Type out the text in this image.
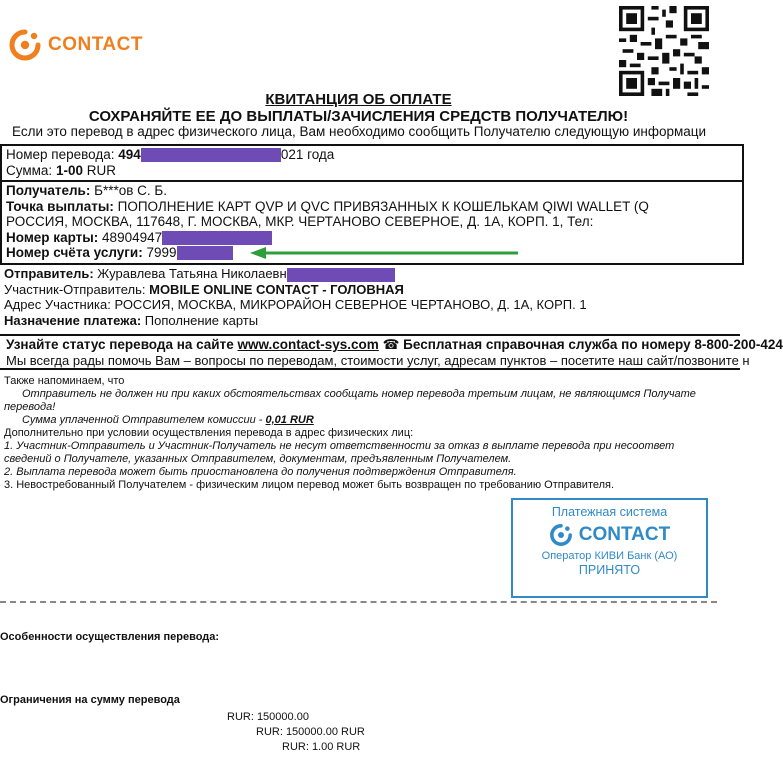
CONTACT
КВИТАНЦИЯ ОБ ОПЛАТЕ
СОХРАНЯЙТЕ ЕЕ ДО ВЫПЛАТЫ/ЗАЧИСЛЕНИЯ СРЕДСТВ ПОЛУЧАТЕЛЮ!
Если это перевод в адрес физического лица, Вам необходимо сообщить Получателю следующую информаци
Номер перевода: 494	021 года
Сумма: 1-00 RUR
Получатель: Б***ов С. Б.
Точка выплаты: ПОПОЛНЕНИЕ КАРТ QVP И QVC ПРИВЯЗАННЫХ К КОШЕЛЬКАМ QIWI WALLET (Q
РОССИЯ, МОСКВА, 117648, Г. МОСКВА, МКР. ЧЕРТАНОВО СЕВЕРНОЕ, Д. 1А, КОРП. 1, Тел:
Номер карты: 48904947
Номер счёта услуги: 7999
Отправитель: Журавлева Татьяна Николаевн
Участник-Отправитель: MOBILE ONLINE CONTACT - ГОЛОВНАЯ
Адрес Участника: РОССИЯ, МОСКВА, МИКРОРАЙОН СЕВЕРНОЕ ЧЕРТАНОВО, Д. 1А, КОРП. 1
Назначение платежа: Пополнение карты
Узнайте статус перевода на сайте www.contact-sys.com ☎ Бесплатная справочная служба по номеру 8-800-200-424
Мы всегда рады помочь Вам – вопросы по переводам, стоимости услуг, адресам пунктов – посетите наш сайт/позвоните н
Также напоминаем, что
Отправитель не должен ни при каких обстоятельствах сообщать номер перевода третьим лицам, не являющимся Получате
перевода!
Сумма уплаченной Отправителем комиссии - 0,01 RUR
Дополнительно при условии осуществления перевода в адрес физических лиц:
1. Участник-Отправитель и Участник-Получатель не несут ответственности за отказ в выплате перевода при несоответ
сведений о Получателе, указанных Отправителем, документам, предъявленным Получателем.
2. Выплата перевода может быть приостановлена до получения подтверждения Отправителя.
3. Невостребованный Получателем - физическим лицом перевод может быть возвращен по требованию Отправителя.
Платежная система
CONTACT
Оператор КИВИ Банк (АО)
ПРИНЯТО
Особенности осуществления перевода:
Ограничения на сумму перевода
RUR: 150000.00
RUR: 150000.00 RUR
RUR: 1.00 RUR
